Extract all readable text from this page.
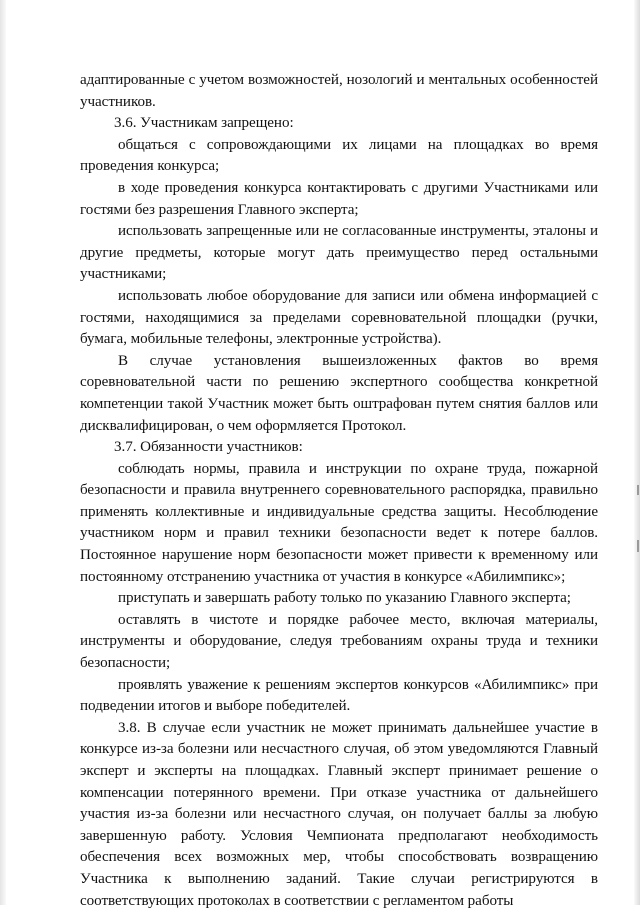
адаптированные с учетом возможностей, нозологий и ментальных особенностей участников.

3.6. Участникам запрещено:

общаться с сопровождающими их лицами на площадках во время проведения конкурса;

в ходе проведения конкурса контактировать с другими Участниками или гостями без разрешения Главного эксперта;

использовать запрещенные или не согласованные инструменты, эталоны и другие предметы, которые могут дать преимущество перед остальными участниками;

использовать любое оборудование для записи или обмена информацией с гостями, находящимися за пределами соревновательной площадки (ручки, бумага, мобильные телефоны, электронные устройства).

В случае установления вышеизложенных фактов во время соревновательной части по решению экспертного сообщества конкретной компетенции такой Участник может быть оштрафован путем снятия баллов или дисквалифицирован, о чем оформляется Протокол.

3.7. Обязанности участников:

соблюдать нормы, правила и инструкции по охране труда, пожарной безопасности и правила внутреннего соревновательного распорядка, правильно применять коллективные и индивидуальные средства защиты. Несоблюдение участником норм и правил техники безопасности ведет к потере баллов. Постоянное нарушение норм безопасности может привести к временному или постоянному отстранению участника от участия в конкурсе «Абилимпикс»;

приступать и завершать работу только по указанию Главного эксперта;

оставлять в чистоте и порядке рабочее место, включая материалы, инструменты и оборудование, следуя требованиям охраны труда и техники безопасности;

проявлять уважение к решениям экспертов конкурсов «Абилимпикс» при подведении итогов и выборе победителей.

3.8. В случае если участник не может принимать дальнейшее участие в конкурсе из-за болезни или несчастного случая, об этом уведомляются Главный эксперт и эксперты на площадках. Главный эксперт принимает решение о компенсации потерянного времени. При отказе участника от дальнейшего участия из-за болезни или несчастного случая, он получает баллы за любую завершенную работу. Условия Чемпионата предполагают необходимость обеспечения всех возможных мер, чтобы способствовать возвращению Участника к выполнению заданий. Такие случаи регистрируются в соответствующих протоколах в соответствии с регламентом работы
